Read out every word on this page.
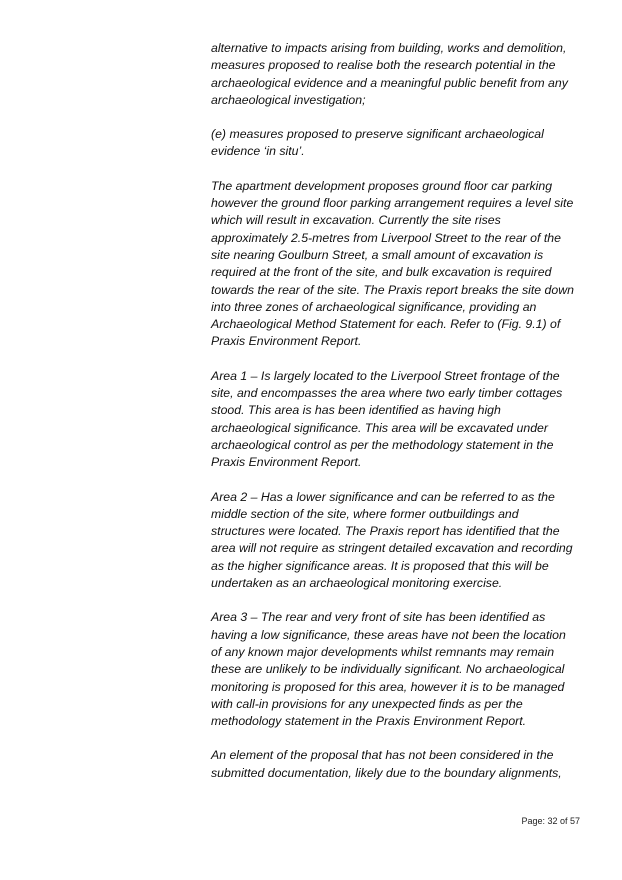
alternative to impacts arising from building, works and demolition,
measures proposed to realise both the research potential in the
archaeological evidence and a meaningful public benefit from any
archaeological investigation;

(e) measures proposed to preserve significant archaeological
evidence ‘in situ’.

The apartment development proposes ground floor car parking
however the ground floor parking arrangement requires a level site
which will result in excavation. Currently the site rises
approximately 2.5-metres from Liverpool Street to the rear of the
site nearing Goulburn Street, a small amount of excavation is
required at the front of the site, and bulk excavation is required
towards the rear of the site. The Praxis report breaks the site down
into three zones of archaeological significance, providing an
Archaeological Method Statement for each. Refer to (Fig. 9.1) of
Praxis Environment Report.

Area 1 – Is largely located to the Liverpool Street frontage of the
site, and encompasses the area where two early timber cottages
stood. This area is has been identified as having high
archaeological significance. This area will be excavated under
archaeological control as per the methodology statement in the
Praxis Environment Report.

Area 2 – Has a lower significance and can be referred to as the
middle section of the site, where former outbuildings and
structures were located. The Praxis report has identified that the
area will not require as stringent detailed excavation and recording
as the higher significance areas. It is proposed that this will be
undertaken as an archaeological monitoring exercise.

Area 3 – The rear and very front of site has been identified as
having a low significance, these areas have not been the location
of any known major developments whilst remnants may remain
these are unlikely to be individually significant. No archaeological
monitoring is proposed for this area, however it is to be managed
with call-in provisions for any unexpected finds as per the
methodology statement in the Praxis Environment Report.

An element of the proposal that has not been considered in the
submitted documentation, likely due to the boundary alignments,

Page: 32 of 57
